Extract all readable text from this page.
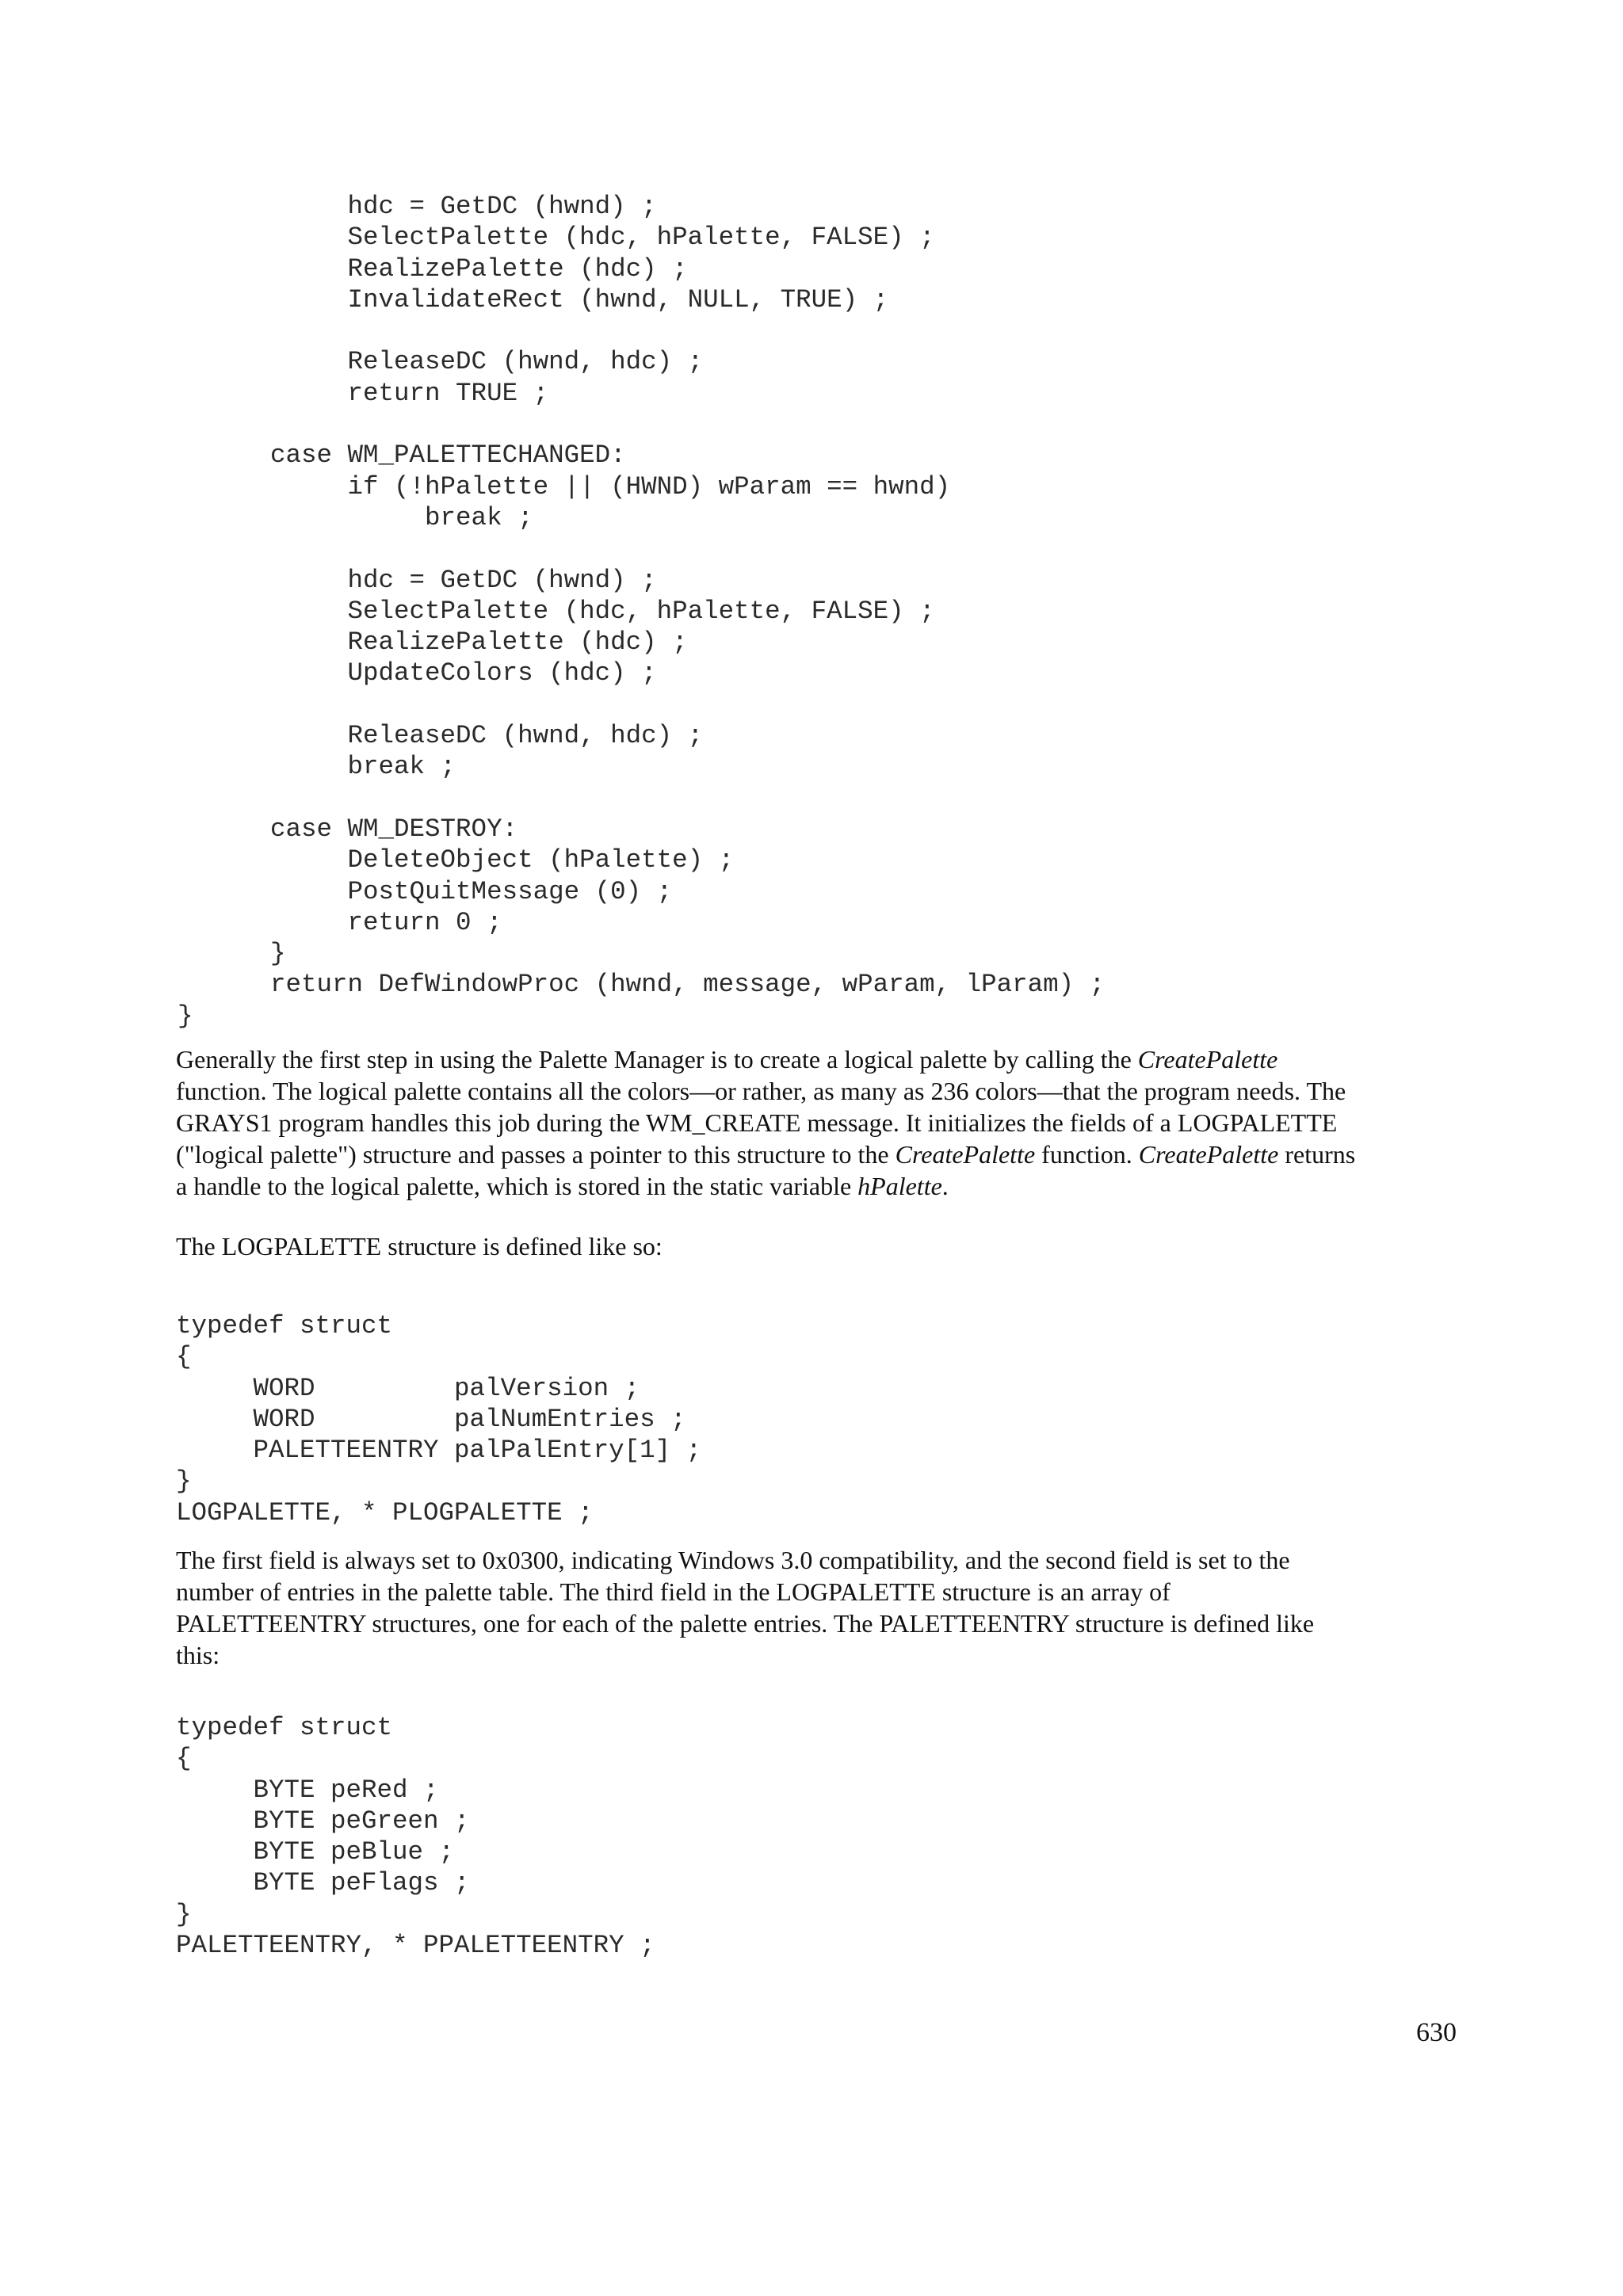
hdc = GetDC (hwnd) ;
SelectPalette (hdc, hPalette, FALSE) ;
RealizePalette (hdc) ;
InvalidateRect (hwnd, NULL, TRUE) ;

ReleaseDC (hwnd, hdc) ;
return TRUE ;

case WM_PALETTECHANGED:
if (!hPalette || (HWND) wParam == hwnd)
break ;

hdc = GetDC (hwnd) ;
SelectPalette (hdc, hPalette, FALSE) ;
RealizePalette (hdc) ;
UpdateColors (hdc) ;

ReleaseDC (hwnd, hdc) ;
break ;

case WM_DESTROY:
DeleteObject (hPalette) ;
PostQuitMessage (0) ;
return 0 ;
}
return DefWindowProc (hwnd, message, wParam, lParam) ;
}
Generally the first step in using the Palette Manager is to create a logical palette by calling the CreatePalette
function. The logical palette contains all the colors—or rather, as many as 236 colors—that the program needs. The
GRAYS1 program handles this job during the WM_CREATE message. It initializes the fields of a LOGPALETTE
("logical palette") structure and passes a pointer to this structure to the CreatePalette function. CreatePalette returns
a handle to the logical palette, which is stored in the static variable hPalette.

The LOGPALETTE structure is defined like so:

typedef struct
{
WORD         palVersion ;
WORD         palNumEntries ;
PALETTEENTRY palPalEntry[1] ;
}
LOGPALETTE, * PLOGPALETTE ;
The first field is always set to 0x0300, indicating Windows 3.0 compatibility, and the second field is set to the
number of entries in the palette table. The third field in the LOGPALETTE structure is an array of
PALETTEENTRY structures, one for each of the palette entries. The PALETTEENTRY structure is defined like
this:
typedef struct
{
BYTE peRed ;
BYTE peGreen ;
BYTE peBlue ;
BYTE peFlags ;
}
PALETTEENTRY, * PPALETTEENTRY ;
630
